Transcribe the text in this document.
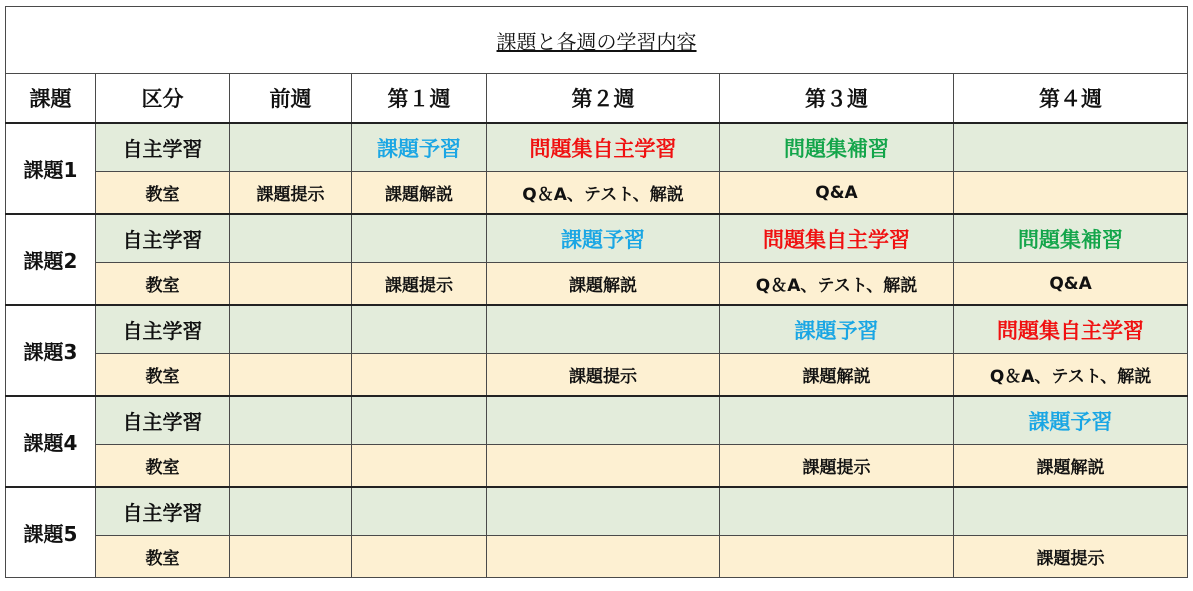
課題と各週の学習内容						
課題	区分	前週	第１週	第２週	第３週	第４週
課題1	自主学習		課題予習	問題集自主学習	問題集補習	
	教室	課題提示	課題解説	Q＆A、テスト、解説	Q&A	
課題2	自主学習			課題予習	問題集自主学習	問題集補習
	教室		課題提示	課題解説	Q＆A、テスト、解説	Q&A
課題3	自主学習				課題予習	問題集自主学習
	教室			課題提示	課題解説	Q＆A、テスト、解説
課題4	自主学習					課題予習
	教室				課題提示	課題解説
課題5	自主学習					
	教室					課題提示
